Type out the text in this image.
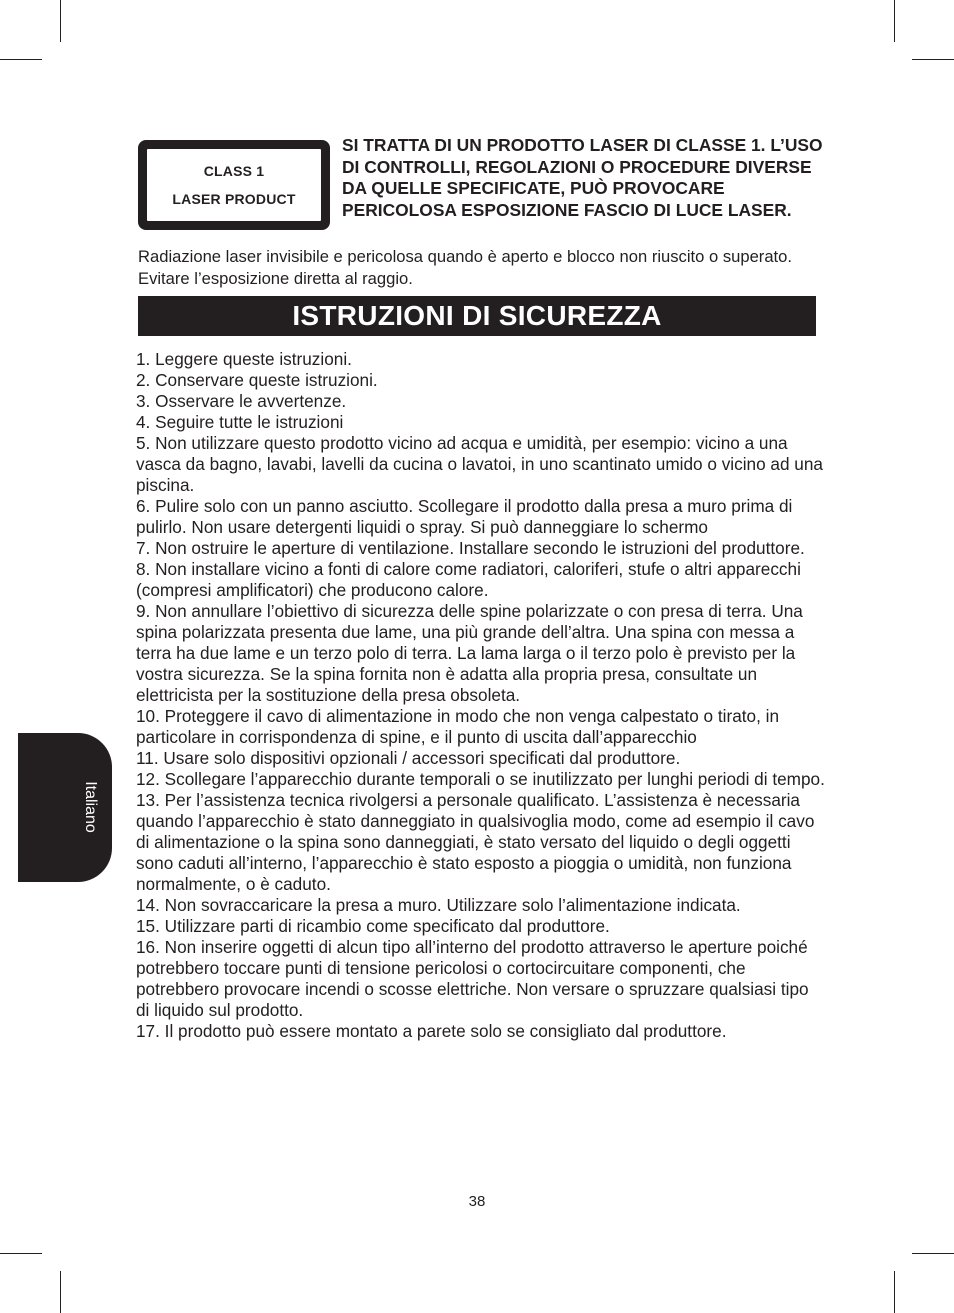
CLASS 1
LASER PRODUCT

SI TRATTA DI UN PRODOTTO LASER DI CLASSE 1. L’USO DI CONTROLLI, REGOLAZIONI O PROCEDURE DIVERSE DA QUELLE SPECIFICATE, PUÒ PROVOCARE PERICOLOSA ESPOSIZIONE FASCIO DI LUCE LASER.

Radiazione laser invisibile e pericolosa quando è aperto e blocco non riuscito o superato. Evitare l’esposizione diretta al raggio.

ISTRUZIONI DI SICUREZZA
1. Leggere queste istruzioni.
2. Conservare queste istruzioni.
3. Osservare le avvertenze.
4. Seguire tutte le istruzioni
5. Non utilizzare questo prodotto vicino ad acqua e umidità, per esempio: vicino a una vasca da bagno, lavabi, lavelli da cucina o lavatoi, in uno scantinato umido o vicino ad una piscina.
6. Pulire solo con un panno asciutto. Scollegare il prodotto dalla presa a muro prima di pulirlo. Non usare detergenti liquidi o spray. Si può danneggiare lo schermo
7. Non ostruire le aperture di ventilazione. Installare secondo le istruzioni del produttore.
8. Non installare vicino a fonti di calore come radiatori, caloriferi, stufe o altri apparecchi (compresi amplificatori) che producono calore.
9. Non annullare l’obiettivo di sicurezza delle spine polarizzate o con presa di terra. Una spina polarizzata presenta due lame, una più grande dell’altra. Una spina con messa a terra ha due lame e un terzo polo di terra. La lama larga o il terzo polo è previsto per la vostra sicurezza. Se la spina fornita non è adatta alla propria presa, consultate un elettricista per la sostituzione della presa obsoleta.
10. Proteggere il cavo di alimentazione in modo che non venga calpestato o tirato, in particolare in corrispondenza di spine, e il punto di uscita dall’apparecchio
11. Usare solo dispositivi opzionali / accessori specificati dal produttore.
12. Scollegare l’apparecchio durante temporali o se inutilizzato per lunghi periodi di tempo.
13. Per l’assistenza tecnica rivolgersi a personale qualificato. L’assistenza è necessaria quando l’apparecchio è stato danneggiato in qualsivoglia modo, come ad esempio il cavo di alimentazione o la spina sono danneggiati, è stato versato del liquido o degli oggetti sono caduti all’interno, l’apparecchio è stato esposto a pioggia o umidità, non funziona normalmente, o è caduto.
14. Non sovraccaricare la presa a muro. Utilizzare solo l’alimentazione indicata.
15. Utilizzare parti di ricambio come specificato dal produttore.
16. Non inserire oggetti di alcun tipo all’interno del prodotto attraverso le aperture poiché potrebbero toccare punti di tensione pericolosi o cortocircuitare componenti, che potrebbero provocare incendi o scosse elettriche. Non versare o spruzzare qualsiasi tipo di liquido sul prodotto.
17. Il prodotto può essere montato a parete solo se consigliato dal produttore.
Italiano
38
